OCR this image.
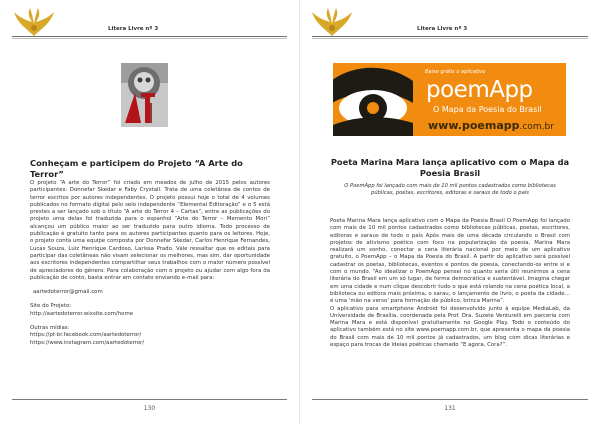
Litera Livre nº 3
Conheçam e participem do Projeto “A Arte do Terror”

O projeto “A arte do Terror” foi criado em meados de julho de 2015 pelos autores participantes: Donnefar Skedar e Faby Crystall. Trata de uma coletânea de contos de terror escritos por autores independentes. O projeto possui hoje o total de 4 volumes publicados no formato digital pelo selo independente “Elemental Editoração” e o 5 está prestes a ser lançado sob o título “A arte do Terror 4 – Cartas”, entre as publicações do projeto uma delas foi traduzida para o espanhol “Arte do Terror – Memento Mori” alcançou um público maior ao ser traduzido para outro idioma. Todo processo de publicação é gratuito tanto para os autores participantes quanto para os leitores. Hoje, o projeto conta uma equipe composta por Donnefar Skedar, Carlos Henrique Fernandes, Lucas Souza, Luiz Henrique Cardoso, Larissa Prado. Vale ressaltar que os editais para participar das coletâneas não visam selecionar os melhores, mas sim, dar oportunidade aos escritores independentes compartilhar seus trabalhos com o maior número possível de apreciadores do gênero. Para colaboração com o projeto ou ajudar com algo fora da publicação de conto, basta entrar em contato enviando e-mail para:

aartedoterror@gmail.com

Site do Projeto:

http://aartedoterror.wixsite.com/home

Outras mídias:

https://pt-br.facebook.com/aartedoterror/

https://www.instagram.com/aartedoterror/

130
Litera Livre nº 3
Baixe grátis o aplicativo
poemApp
O Mapa da Poesia do Brasil
www.poemapp.com.br
Poeta Marina Mara lança aplicativo com o Mapa da Poesia Brasil
O PoemApp foi lançado com mais de 10 mil pontos cadastrados como bibliotecas públicas, poetas, escritores, editoras e saraus de todo o país

Poeta Marina Mara lança aplicativo com o Mapa da Poesia Brasil O PoemApp foi lançado com mais de 10 mil pontos cadastrados como bibliotecas públicas, poetas, escritores, editoras e saraus de todo o país Após mais de uma década circulando o Brasil com projetos de ativismo poético com foco na popularização da poesia, Marina Mara realizará um sonho, conectar a cena literária nacional por meio de um aplicativo gratuito, o PoemApp – o Mapa da Poesia do Brasil. A partir do aplicativo será possível cadastrar os poetas, bibliotecas, eventos e pontos de poesia, conectando-os entre si e com o mundo. “Ao idealizar o PoemApp pensei no quanto seria útil reunirmos a cena literária do Brasil em um só lugar, de forma democrática e sustentável. Imagina chegar em uma cidade e num clique descobrir tudo o que está rolando na cena poética local, a biblioteca ou editora mais próxima, o sarau, o lançamento de livro, o poeta da cidade… é uma ‘mão na verso’ para formação de público, brinca Marina”.

O aplicativo para smartphone Android foi desenvolvido junto à equipe MediaLab, da Universidade de Brasília, coordenada pela Prof. Dra. Suzete Venturelli em parceria com Marina Mara e está disponível gratuitamente no Google Play. Todo o conteúdo do aplicativo também está no site www.poemapp.com.br, que apresenta o mapa da poesia do Brasil com mais de 10 mil pontos já cadastrados, um blog com dicas literárias e espaço para trocas de ideias poéticas chamado “E agora, Cora?”.

131
